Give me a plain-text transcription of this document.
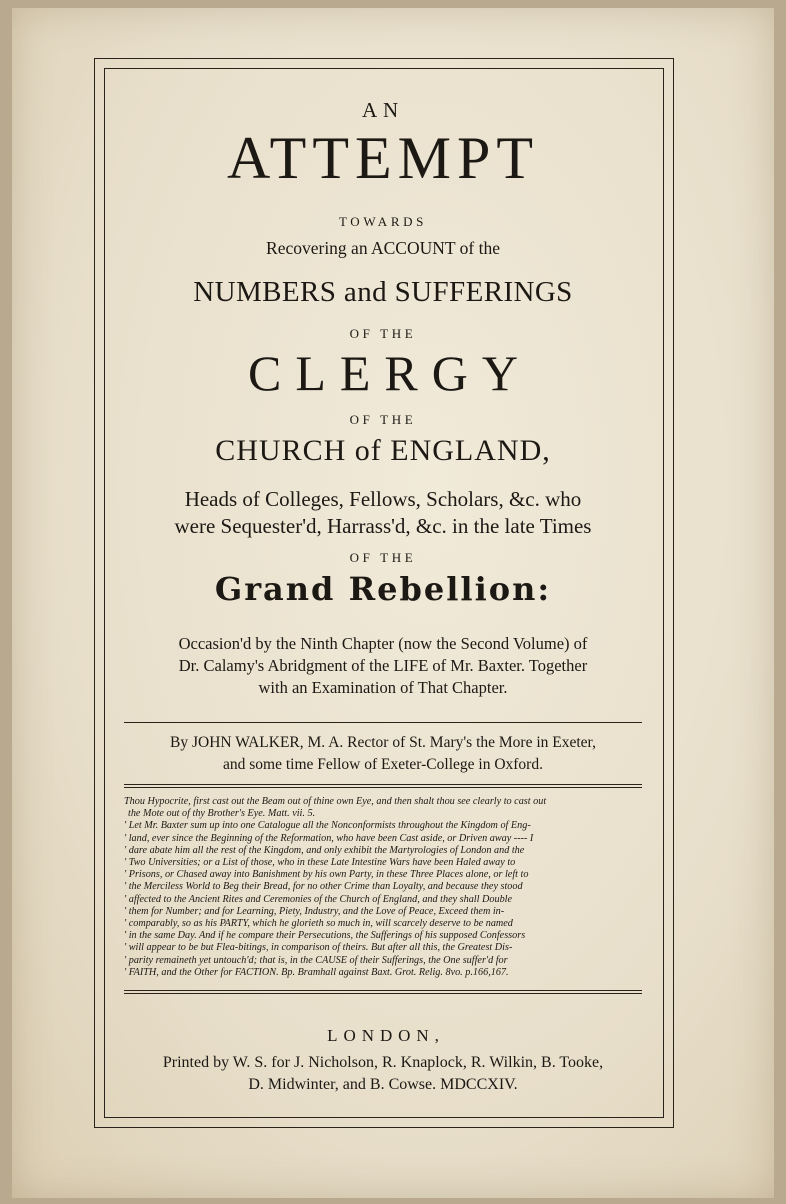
AN
ATTEMPT
TOWARDS
Recovering an ACCOUNT of the
NUMBERS and SUFFERINGS
OF THE
CLERGY
OF THE
CHURCH of ENGLAND,
Heads of Colleges, Fellows, Scholars, &c. who
were Sequester'd, Harrass'd, &c. in the late Times
OF THE
Grand Rebellion:
Occasion'd by the Ninth Chapter (now the Second Volume) of
Dr. Calamy's Abridgment of the LIFE of Mr. Baxter. Together
with an Examination of That Chapter.
By JOHN WALKER, M. A. Rector of St. Mary's the More in Exeter,
and some time Fellow of Exeter-College in Oxford.
Thou Hypocrite, first cast out the Beam out of thine own Eye, and then shalt thou see clearly to cast out
the Mote out of thy Brother's Eye. Matt. vii. 5.
' Let Mr. Baxter sum up into one Catalogue all the Nonconformists throughout the Kingdom of Eng-
' land, ever since the Beginning of the Reformation, who have been Cast aside, or Driven away ---- I
' dare abate him all the rest of the Kingdom, and only exhibit the Martyrologies of London and the
' Two Universities; or a List of those, who in these Late Intestine Wars have been Haled away to
' Prisons, or Chased away into Banishment by his own Party, in these Three Places alone, or left to
' the Merciless World to Beg their Bread, for no other Crime than Loyalty, and because they stood
' affected to the Ancient Rites and Ceremonies of the Church of England, and they shall Double
' them for Number; and for Learning, Piety, Industry, and the Love of Peace, Exceed them in-
' comparably, so as his PARTY, which he glorieth so much in, will scarcely deserve to be named
' in the same Day. And if he compare their Persecutions, the Sufferings of his supposed Confessors
' will appear to be but Flea-bitings, in comparison of theirs. But after all this, the Greatest Dis-
' parity remaineth yet untouch'd; that is, in the CAUSE of their Sufferings, the One suffer'd for
' FAITH, and the Other for FACTION. Bp. Bramhall against Baxt. Grot. Relig. 8vo. p.166,167.
LONDON,
Printed by W. S. for J. Nicholson, R. Knaplock, R. Wilkin, B. Tooke,
D. Midwinter, and B. Cowse. MDCCXIV.
